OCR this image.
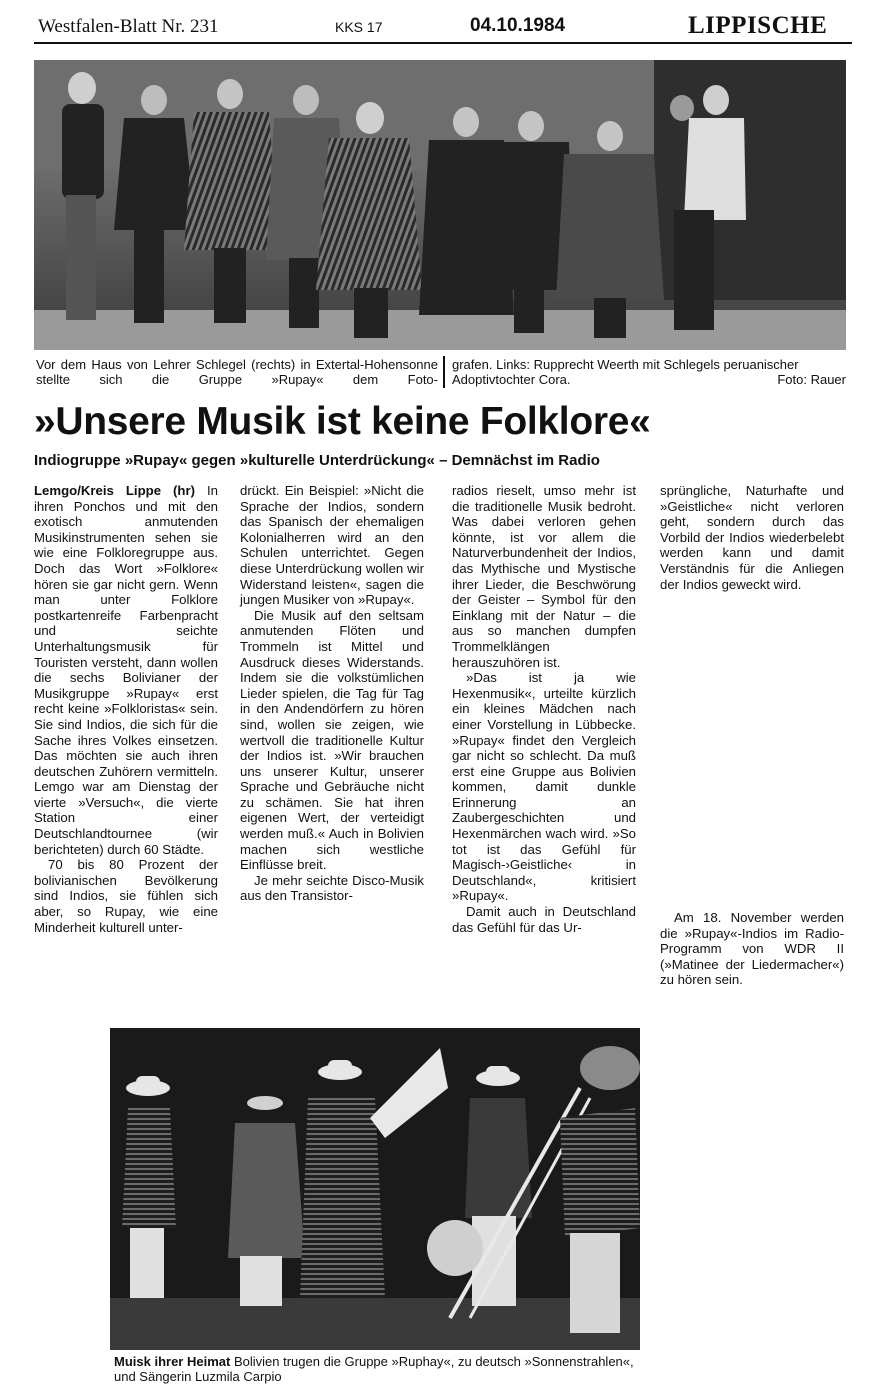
Westfalen-Blatt Nr. 231	KKS 17	04.10.1984	LIPPISCHE
Vor dem Haus von Lehrer Schlegel (rechts) in Extertal-Hohensonne stellte sich die Gruppe »Rupay« dem Foto-
grafen. Links: Rupprecht Weerth mit Schlegels peruanischer Adoptivtochter Cora.	Foto: Rauer
»Unsere Musik ist keine Folklore«
Indiogruppe »Rupay« gegen »kulturelle Unterdrückung« – Demnächst im Radio

Lemgo/Kreis Lippe (hr) In ihren Ponchos und mit den exotisch anmutenden Musikinstrumenten sehen sie wie eine Folkloregruppe aus. Doch das Wort »Folklore« hören sie gar nicht gern. Wenn man unter Folklore postkartenreife Farbenpracht und seichte Unterhaltungsmusik für Touristen versteht, dann wollen die sechs Bolivianer der Musikgruppe »Rupay« erst recht keine »Folkloristas« sein. Sie sind Indios, die sich für die Sache ihres Volkes einsetzen. Das möchten sie auch ihren deutschen Zuhörern vermitteln. Lemgo war am Dienstag der vierte »Versuch«, die vierte Station einer Deutschlandtournee (wir berichteten) durch 60 Städte.

70 bis 80 Prozent der bolivianischen Bevölkerung sind Indios, sie fühlen sich aber, so Rupay, wie eine Minderheit kulturell unter-

drückt. Ein Beispiel: »Nicht die Sprache der Indios, sondern das Spanisch der ehemaligen Kolonialherren wird an den Schulen unterrichtet. Gegen diese Unterdrückung wollen wir Widerstand leisten«, sagen die jungen Musiker von »Rupay«.

Die Musik auf den seltsam anmutenden Flöten und Trommeln ist Mittel und Ausdruck dieses Widerstands. Indem sie die volkstümlichen Lieder spielen, die Tag für Tag in den Andendörfern zu hören sind, wollen sie zeigen, wie wertvoll die traditionelle Kultur der Indios ist. »Wir brauchen uns unserer Kultur, unserer Sprache und Gebräuche nicht zu schämen. Sie hat ihren eigenen Wert, der verteidigt werden muß.« Auch in Bolivien machen sich westliche Einflüsse breit.

Je mehr seichte Disco-Musik aus den Transistor-

radios rieselt, umso mehr ist die traditionelle Musik bedroht. Was dabei verloren gehen könnte, ist vor allem die Naturverbundenheit der Indios, das Mythische und Mystische ihrer Lieder, die Beschwörung der Geister – Symbol für den Einklang mit der Natur – die aus so manchen dumpfen Trommelklängen herauszuhören ist.

»Das ist ja wie Hexenmusik«, urteilte kürzlich ein kleines Mädchen nach einer Vorstellung in Lübbecke. »Rupay« findet den Vergleich gar nicht so schlecht. Da muß erst eine Gruppe aus Bolivien kommen, damit dunkle Erinnerung an Zaubergeschichten und Hexenmärchen wach wird. »So tot ist das Gefühl für Magisch-›Geistliche‹ in Deutschland«, kritisiert »Rupay«.

Damit auch in Deutschland das Gefühl für das Ur-

sprüngliche, Naturhafte und »Geistliche« nicht verloren geht, sondern durch das Vorbild der Indios wiederbelebt werden kann und damit Verständnis für die Anliegen der Indios geweckt wird.

Am 18. November werden die »Rupay«-Indios im Radio-Programm von WDR II (»Matinee der Liedermacher«) zu hören sein.

Muisk ihrer Heimat Bolivien trugen die Gruppe »Ruphay«, zu deutsch »Sonnenstrahlen«, und Sängerin Luzmila Carpio
